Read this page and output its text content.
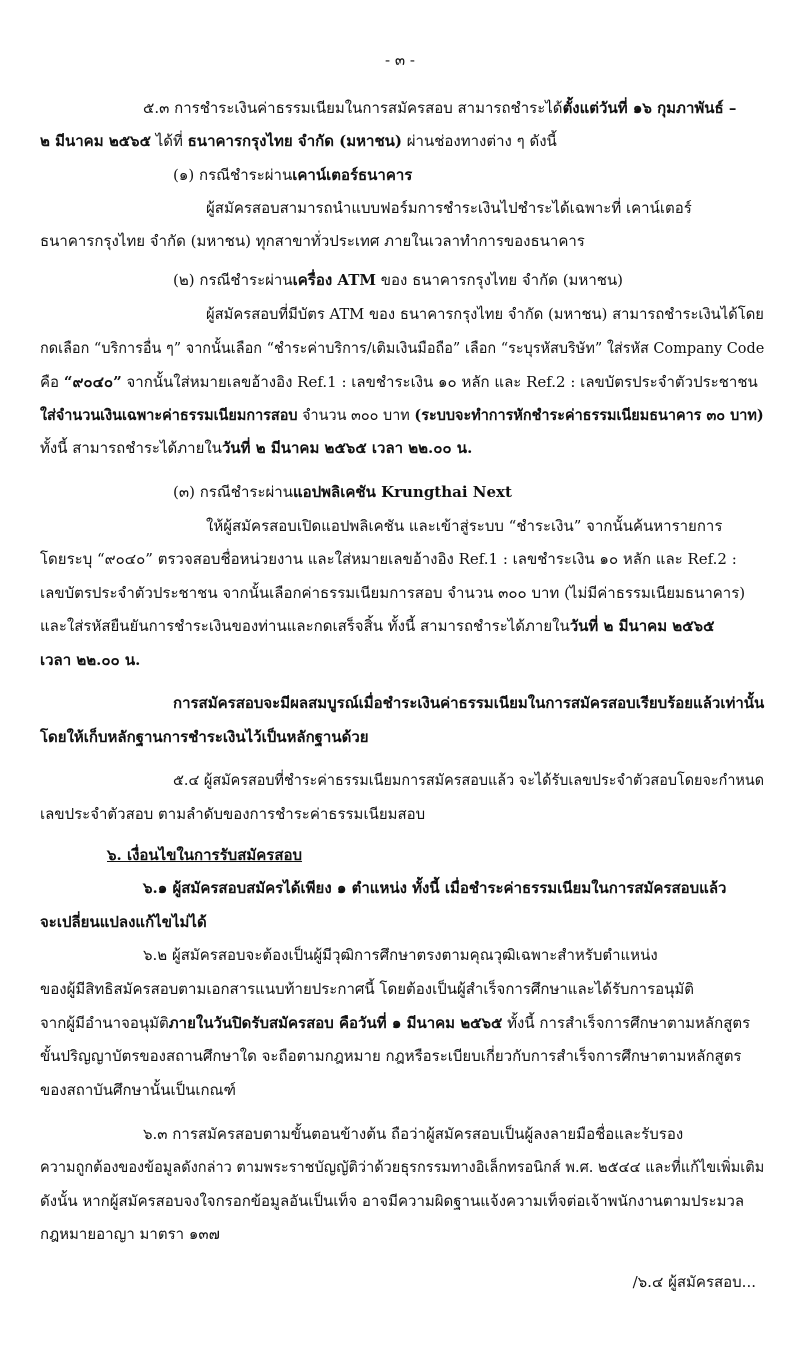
- ๓ -
๕.๓ การชำระเงินค่าธรรมเนียมในการสมัครสอบ สามารถชำระได้ตั้งแต่วันที่ ๑๖ กุมภาพันธ์ –
๒ มีนาคม ๒๕๖๕ ได้ที่ ธนาคารกรุงไทย จำกัด (มหาชน) ผ่านช่องทางต่าง ๆ ดังนี้
(๑) กรณีชำระผ่านเคาน์เตอร์ธนาคาร
ผู้สมัครสอบสามารถนำแบบฟอร์มการชำระเงินไปชำระได้เฉพาะที่ เคาน์เตอร์
ธนาคารกรุงไทย จำกัด (มหาชน) ทุกสาขาทั่วประเทศ ภายในเวลาทำการของธนาคาร
(๒) กรณีชำระผ่านเครื่อง ATM ของ ธนาคารกรุงไทย จำกัด (มหาชน)
ผู้สมัครสอบที่มีบัตร ATM ของ ธนาคารกรุงไทย จำกัด (มหาชน) สามารถชำระเงินได้โดย
กดเลือก “บริการอื่น ๆ” จากนั้นเลือก “ชำระค่าบริการ/เติมเงินมือถือ” เลือก “ระบุรหัสบริษัท” ใส่รหัส Company Code
คือ “๙๐๔๐” จากนั้นใส่หมายเลขอ้างอิง Ref.1 : เลขชำระเงิน ๑๐ หลัก และ Ref.2 : เลขบัตรประจำตัวประชาชน
ใส่จำนวนเงินเฉพาะค่าธรรมเนียมการสอบ จำนวน ๓๐๐ บาท (ระบบจะทำการหักชำระค่าธรรมเนียมธนาคาร ๓๐ บาท)
ทั้งนี้ สามารถชำระได้ภายในวันที่ ๒ มีนาคม ๒๕๖๕ เวลา ๒๒.๐๐ น.
(๓) กรณีชำระผ่านแอปพลิเคชัน Krungthai Next
ให้ผู้สมัครสอบเปิดแอปพลิเคชัน และเข้าสู่ระบบ “ชำระเงิน” จากนั้นค้นหารายการ
โดยระบุ “๙๐๔๐” ตรวจสอบชื่อหน่วยงาน และใส่หมายเลขอ้างอิง Ref.1 : เลขชำระเงิน ๑๐ หลัก และ Ref.2 :
เลขบัตรประจำตัวประชาชน จากนั้นเลือกค่าธรรมเนียมการสอบ จำนวน ๓๐๐ บาท (ไม่มีค่าธรรมเนียมธนาคาร)
และใส่รหัสยืนยันการชำระเงินของท่านและกดเสร็จสิ้น ทั้งนี้ สามารถชำระได้ภายในวันที่ ๒ มีนาคม ๒๕๖๕
เวลา ๒๒.๐๐ น.
การสมัครสอบจะมีผลสมบูรณ์เมื่อชำระเงินค่าธรรมเนียมในการสมัครสอบเรียบร้อยแล้วเท่านั้น
โดยให้เก็บหลักฐานการชำระเงินไว้เป็นหลักฐานด้วย
๕.๔ ผู้สมัครสอบที่ชำระค่าธรรมเนียมการสมัครสอบแล้ว จะได้รับเลขประจำตัวสอบโดยจะกำหนด
เลขประจำตัวสอบ ตามลำดับของการชำระค่าธรรมเนียมสอบ
๖. เงื่อนไขในการรับสมัครสอบ
๖.๑ ผู้สมัครสอบสมัครได้เพียง ๑ ตำแหน่ง ทั้งนี้ เมื่อชำระค่าธรรมเนียมในการสมัครสอบแล้ว
จะเปลี่ยนแปลงแก้ไขไม่ได้
๖.๒ ผู้สมัครสอบจะต้องเป็นผู้มีวุฒิการศึกษาตรงตามคุณวุฒิเฉพาะสำหรับตำแหน่ง
ของผู้มีสิทธิสมัครสอบตามเอกสารแนบท้ายประกาศนี้ โดยต้องเป็นผู้สำเร็จการศึกษาและได้รับการอนุมัติ
จากผู้มีอำนาจอนุมัติภายในวันปิดรับสมัครสอบ คือวันที่ ๑ มีนาคม ๒๕๖๕ ทั้งนี้ การสำเร็จการศึกษาตามหลักสูตร
ขั้นปริญญาบัตรของสถานศึกษาใด จะถือตามกฎหมาย กฎหรือระเบียบเกี่ยวกับการสำเร็จการศึกษาตามหลักสูตร
ของสถาบันศึกษานั้นเป็นเกณฑ์
๖.๓ การสมัครสอบตามขั้นตอนข้างต้น ถือว่าผู้สมัครสอบเป็นผู้ลงลายมือชื่อและรับรอง
ความถูกต้องของข้อมูลดังกล่าว ตามพระราชบัญญัติว่าด้วยธุรกรรมทางอิเล็กทรอนิกส์ พ.ศ. ๒๕๔๔ และที่แก้ไขเพิ่มเติม
ดังนั้น หากผู้สมัครสอบจงใจกรอกข้อมูลอันเป็นเท็จ อาจมีความผิดฐานแจ้งความเท็จต่อเจ้าพนักงานตามประมวล
กฎหมายอาญา มาตรา ๑๓๗
/๖.๔ ผู้สมัครสอบ...
